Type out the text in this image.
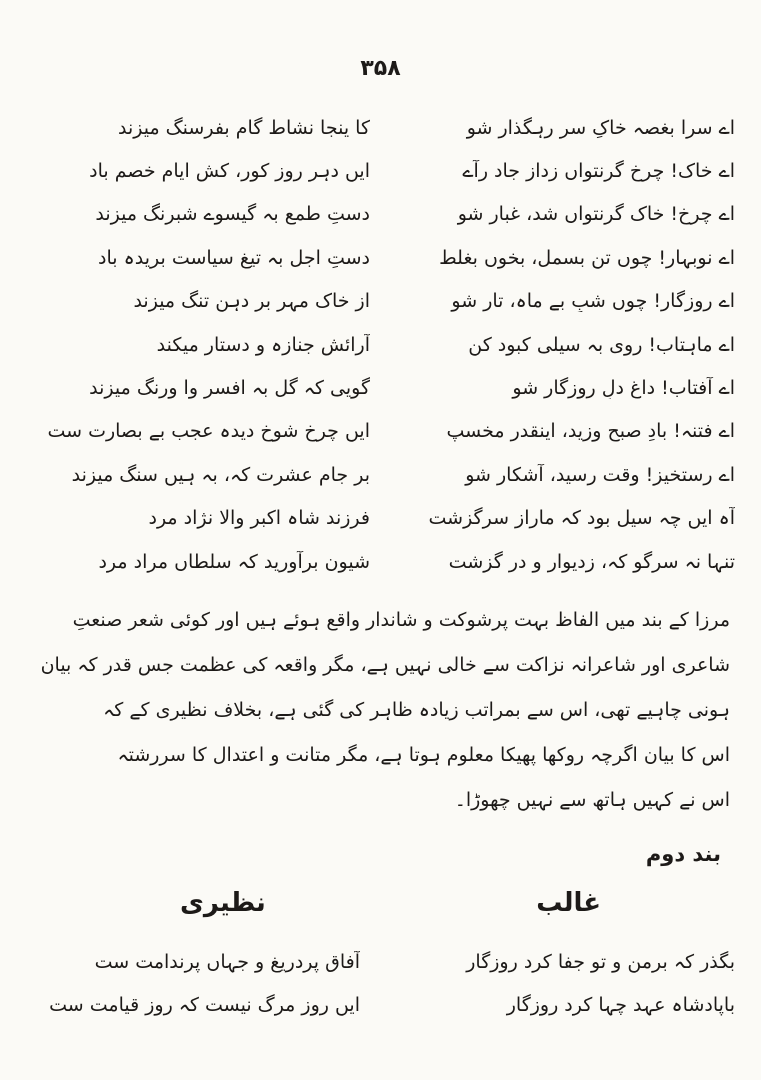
۳۵۸
اے سرا بغصہ خاکِ سرِ رہگذار شو
کا ینجا نشاط گام بفرسنگ میزند
اے خاک! چرخ گرنتواں زداز جاد رآے
ایں دہر روز کور، کش ایام خصم باد
اے چرخ! خاک گرنتواں شد، غبار شو
دستِ طمع بہ گیسوے شبرنگ میزند
اے نوبہار! چوں تنِ بسمل، بخوں بغلط
دستِ اجل بہ تیغ سیاست بریدہ باد
اے روزگار! چوں شبِ بے ماہ، تار شو
از خاک مہر بر دہنِ تنگ میزند
اے ماہتاب! روی بہ سیلی کبود کن
آرائش جنازہ و دستار میکند
اے آفتاب! داغ دلِ روزگار شو
گویی کہ گل بہ افسر وا ورنگ میزند
اے فتنہ! بادِ صبح وزید، اینقدر مخسپ
ایں چرخ شوخ دیدہ عجب بے بصارت ست
اے رستخیز! وقت رسید، آشکار شو
بر جام عشرت کہ، بہ ہیں سنگ میزند
آہ ایں چہ سیل بود کہ ماراز سرگزشت
فرزند شاہ اکبر والا نژاد مرد
تنہا نہ سرگو کہ، زدیوار و در گزشت
شیون برآورید کہ سلطاں مراد مرد
مرزا کے بند میں الفاظ بہت پرشوکت و شاندار واقع ہوئے ہیں اور کوئی شعر صنعتِ
شاعری اور شاعرانہ نزاکت سے خالی نہیں ہے، مگر واقعہ کی عظمت جس قدر کہ بیان
ہونی چاہیے تھی، اس سے بمراتب زیادہ ظاہر کی گئی ہے، بخلاف نظیری کے کہ
اس کا بیان اگرچہ روکھا پھیکا معلوم ہوتا ہے، مگر متانت و اعتدال کا سررشتہ
اس نے کہیں ہاتھ سے نہیں چھوڑا۔
بند دوم
غالب
نظیری
بگذر کہ برمن و تو جفا کرد روزگار
آفاق پردریغ و جہاں پرندامت ست
باپادشاہ عہد چہا کرد روزگار
ایں روز مرگ نیست کہ روزِ قیامت ست
